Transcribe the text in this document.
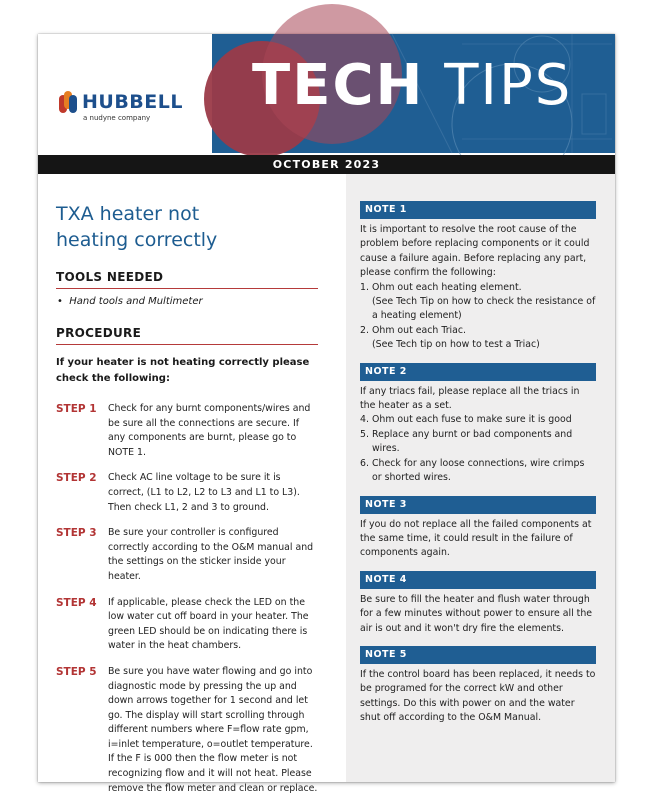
HUBBELL
a nudyne company TECH TIPS
OCTOBER 2023
TXA heater not
heating correctly
TOOLS NEEDED
•  Hand tools and Multimeter
PROCEDURE
If your heater is not heating correctly please check the following:
STEP 1	Check for any burnt components/wires and be sure all the connections are secure. If any components are burnt, please go to NOTE 1.
STEP 2	Check AC line voltage to be sure it is correct, (L1 to L2, L2 to L3 and L1 to L3). Then check L1, 2 and 3 to ground.
STEP 3	Be sure your controller is configured correctly according to the O&M manual and the settings on the sticker inside your heater.
STEP 4	If applicable, please check the LED on the low water cut off board in your heater. The green LED should be on indicating there is water in the heat chambers.
STEP 5	Be sure you have water flowing and go into diagnostic mode by pressing the up and down arrows together for 1 second and let go. The display will start scrolling through different numbers where F=flow rate gpm, i=inlet temperature, o=outlet temperature. If the F is 000 then the flow meter is not recognizing flow and it will not heat. Please remove the flow meter and clean or replace.
NOTE 1
It is important to resolve the root cause of the problem before replacing components or it could cause a failure again. Before replacing any part, please confirm the following:
1. Ohm out each heating element.
(See Tech Tip on how to check the resistance of a heating element)
2. Ohm out each Triac.
(See Tech tip on how to test a Triac)
NOTE 2
If any triacs fail, please replace all the triacs in the heater as a set.
4. Ohm out each fuse to make sure it is good
5. Replace any burnt or bad components and wires.
6. Check for any loose connections, wire crimps or shorted wires.
NOTE 3
If you do not replace all the failed components at the same time, it could result in the failure of components again.
NOTE 4
Be sure to fill the heater and flush water through for a few minutes without power to ensure all the air is out and it won't dry fire the elements.
NOTE 5
If the control board has been replaced, it needs to be programed for the correct kW and other settings. Do this with power on and the water shut off according to the O&M Manual.
